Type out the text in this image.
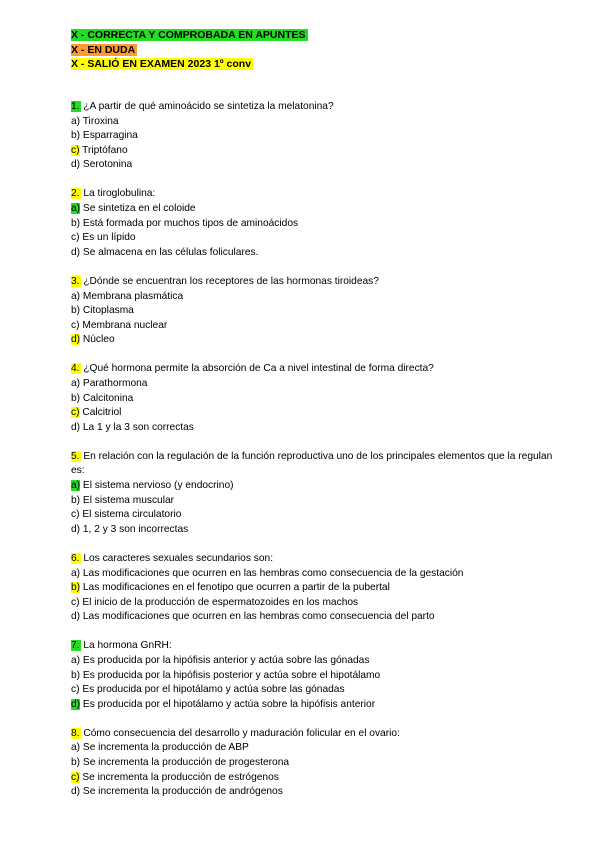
X - CORRECTA Y COMPROBADA EN APUNTES
X - EN DUDA
X - SALIÓ EN EXAMEN 2023 1º conv
1. ¿A partir de qué aminoácido se sintetiza la melatonina?
a) Tiroxina
b) Esparragina
c) Triptófano
d) Serotonina
2. La tiroglobulina:
a) Se sintetiza en el coloide
b) Está formada por muchos tipos de aminoácidos
c) Es un lípido
d) Se almacena en las células foliculares.
3. ¿Dónde se encuentran los receptores de las hormonas tiroideas?
a) Membrana plasmática
b) Citoplasma
c) Membrana nuclear
d) Núcleo
4. ¿Qué hormona permite la absorción de Ca a nivel intestinal de forma directa?
a) Parathormona
b) Calcitonina
c) Calcitriol
d) La 1 y la 3 son correctas
5. En relación con la regulación de la función reproductiva uno de los principales elementos que la regulan es:
a) El sistema nervioso (y endocrino)
b) El sistema muscular
c) El sistema circulatorio
d) 1, 2 y 3 son incorrectas
6. Los caracteres sexuales secundarios son:
a) Las modificaciones que ocurren en las hembras como consecuencia de la gestación
b) Las modificaciones en el fenotipo que ocurren a partir de la pubertal
c) El inicio de la producción de espermatozoides en los machos
d) Las modificaciones que ocurren en las hembras como consecuencia del parto
7. La hormona GnRH:
a) Es producida por la hipófisis anterior y actúa sobre las gónadas
b) Es producida por la hipófisis posterior y actúa sobre el hipotálamo
c) Es producida por el hipotálamo y actúa sobre las gónadas
d) Es producida por el hipotálamo y actúa sobre la hipófisis anterior
8. Cómo consecuencia del desarrollo y maduración folicular en el ovario:
a) Se incrementa la producción de ABP
b) Se incrementa la producción de progesterona
c) Se incrementa la producción de estrógenos
d) Se incrementa la producción de andrógenos
